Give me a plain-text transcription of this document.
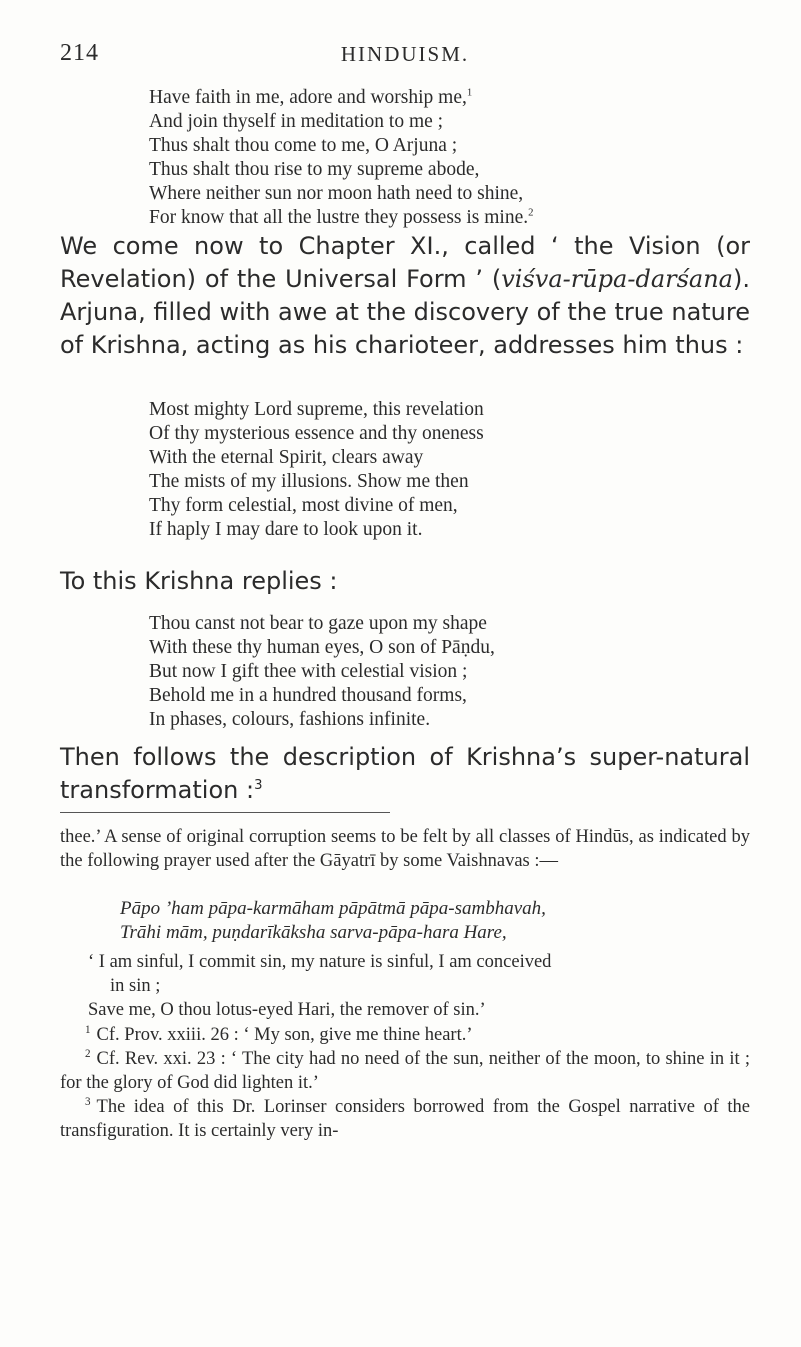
214	HINDUISM.
Have faith in me, adore and worship me,$^1$
And join thyself in meditation to me ;
Thus shalt thou come to me, O Arjuna ;
Thus shalt thou rise to my supreme abode,
Where neither sun nor moon hath need to shine,
For know that all the lustre they possess is mine.$^2$

We come now to Chapter XI., called ‘ the Vision (or Revelation) of the Universal Form ’ (viśva-rūpa-darśana). Arjuna, filled with awe at the discovery of the true nature of Krishna, acting as his charioteer, addresses him thus :

Most mighty Lord supreme, this revelation
Of thy mysterious essence and thy oneness
With the eternal Spirit, clears away
The mists of my illusions. Show me then
Thy form celestial, most divine of men,
If haply I may dare to look upon it.

To this Krishna replies :

Thou canst not bear to gaze upon my shape
With these thy human eyes, O son of Pāṇdu,
But now I gift thee with celestial vision ;
Behold me in a hundred thousand forms,
In phases, colours, fashions infinite.

Then follows the description of Krishna’s super-natural transformation :$^3$

thee.’ A sense of original corruption seems to be felt by all classes of Hindūs, as indicated by the following prayer used after the Gāyatrī by some Vaishnavas :—

Pāpo ’ham pāpa-karmāham pāpātmā pāpa-sambhavah,
Trāhi mām, puṇdarīkāksha sarva-pāpa-hara Hare,
‘ I am sinful, I commit sin, my nature is sinful, I am conceived
in sin ;
Save me, O thou lotus-eyed Hari, the remover of sin.’
$^1$ Cf. Prov. xxiii. 26 : ‘ My son, give me thine heart.’
$^2$ Cf. Rev. xxi. 23 : ‘ The city had no need of the sun, neither of the moon, to shine in it ; for the glory of God did lighten it.’
$^3$ The idea of this Dr. Lorinser considers borrowed from the Gospel narrative of the transfiguration. It is certainly very in-
